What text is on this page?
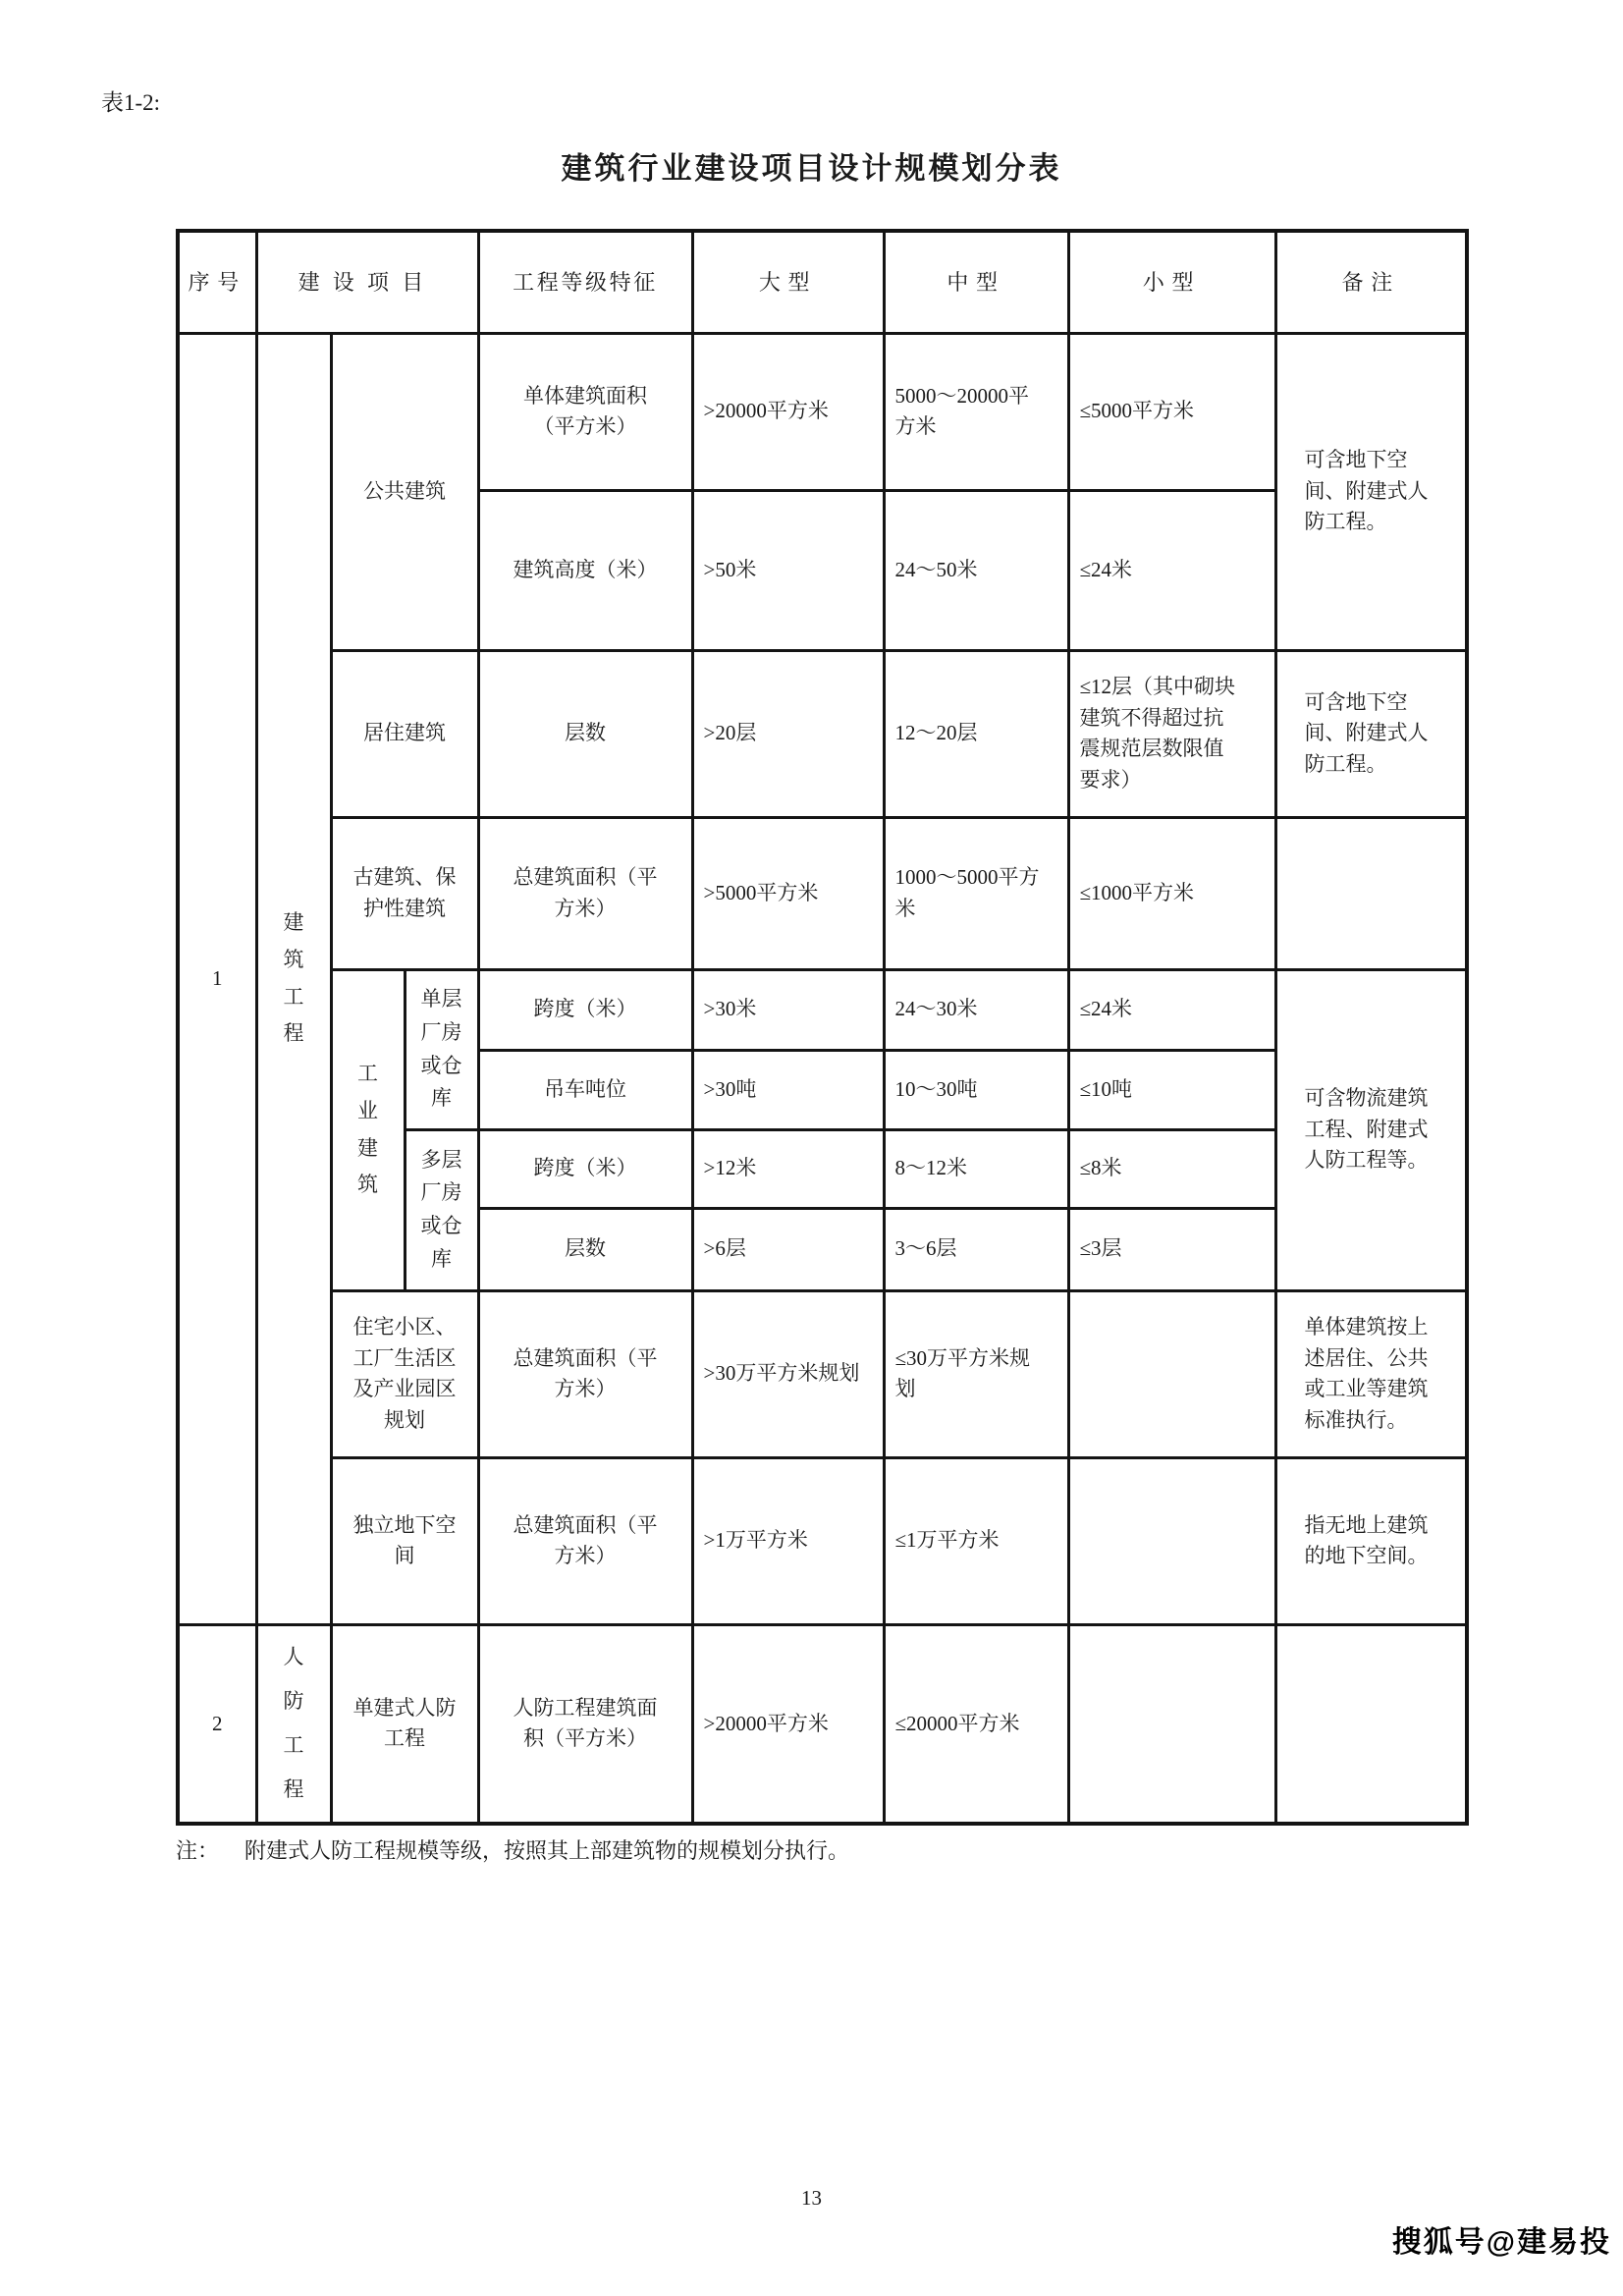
表1-2:
建筑行业建设项目设计规模划分表
序号	建设项目			工程等级特征	大型	中型	小型	备注
1	建筑工程	公共建筑		单体建筑面积（平方米）	>20000平方米	5000～20000平方米	≤5000平方米	可含地下空间、附建式人防工程。
				建筑高度（米）	>50米	24～50米	≤24米	

		居住建筑		层数	>20层	12～20层	≤12层（其中砌块建筑不得超过抗震规范层数限值要求）	可含地下空间、附建式人防工程。

		古建筑、保护性建筑		总建筑面积（平方米）	>5000平方米	1000～5000平方米	≤1000平方米	

		工业建筑	单层厂房或仓库	跨度（米）	>30米	24～30米	≤24米	可含物流建筑工程、附建式人防工程等。
				吊车吨位	>30吨	10～30吨	≤10吨	

			多层厂房或仓库	跨度（米）	>12米	8～12米	≤8米	
				层数	>6层	3～6层	≤3层	

		住宅小区、工厂生活区及产业园区规划		总建筑面积（平方米）	>30万平方米规划	≤30万平方米规划		单体建筑按上述居住、公共或工业等建筑标准执行。

		独立地下空间		总建筑面积（平方米）	>1万平方米	≤1万平方米		指无地上建筑的地下空间。
2	人防工程	单建式人防工程		人防工程建筑面积（平方米）	>20000平方米	≤20000平方米		
注： 附建式人防工程规模等级，按照其上部建筑物的规模划分执行。
13
搜狐号@建易投
